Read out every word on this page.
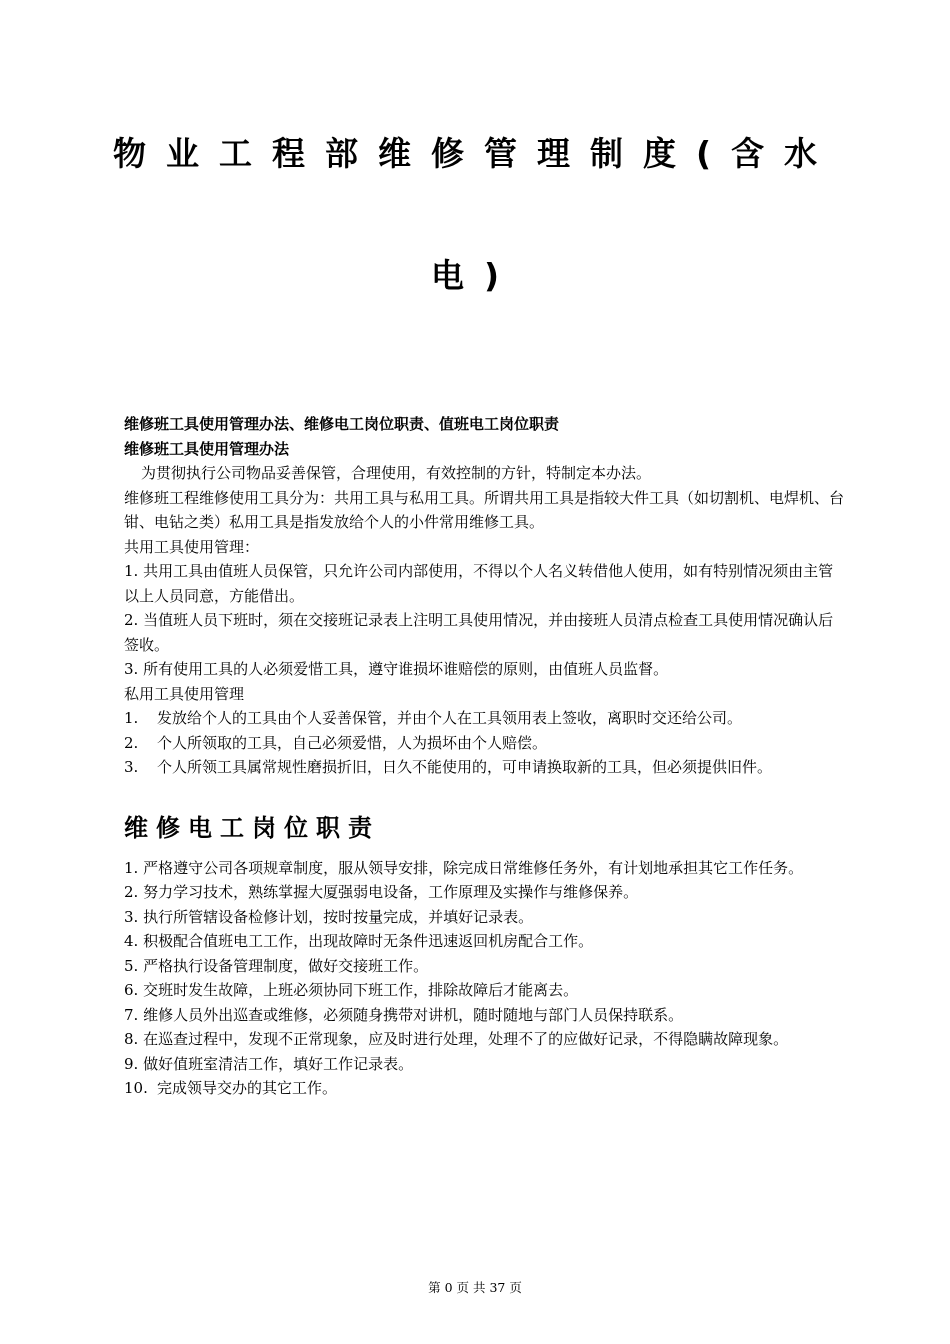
物业工程部维修管理制度(含水
电)

维修班工具使用管理办法、维修电工岗位职责、值班电工岗位职责

维修班工具使用管理办法

为贯彻执行公司物品妥善保管，合理使用，有效控制的方针，特制定本办法。

维修班工程维修使用工具分为：共用工具与私用工具。所谓共用工具是指较大件工具（如切割机、电焊机、台钳、电钻之类）私用工具是指发放给个人的小件常用维修工具。

共用工具使用管理：

1. 共用工具由值班人员保管，只允许公司内部使用，不得以个人名义转借他人使用，如有特别情况须由主管以上人员同意，方能借出。

2. 当值班人员下班时，须在交接班记录表上注明工具使用情况，并由接班人员清点检查工具使用情况确认后签收。

3. 所有使用工具的人必须爱惜工具，遵守谁损坏谁赔偿的原则，由值班人员监督。

私用工具使用管理

1.	发放给个人的工具由个人妥善保管，并由个人在工具领用表上签收，离职时交还给公司。

2.	个人所领取的工具，自己必须爱惜，人为损坏由个人赔偿。

3.	个人所领工具属常规性磨损折旧，日久不能使用的，可申请换取新的工具，但必须提供旧件。

维修电工岗位职责

1. 严格遵守公司各项规章制度，服从领导安排，除完成日常维修任务外，有计划地承担其它工作任务。

2. 努力学习技术，熟练掌握大厦强弱电设备，工作原理及实操作与维修保养。

3. 执行所管辖设备检修计划，按时按量完成，并填好记录表。

4. 积极配合值班电工工作，出现故障时无条件迅速返回机房配合工作。

5. 严格执行设备管理制度，做好交接班工作。

6. 交班时发生故障，上班必须协同下班工作，排除故障后才能离去。

7. 维修人员外出巡查或维修，必须随身携带对讲机，随时随地与部门人员保持联系。

8. 在巡查过程中，发现不正常现象，应及时进行处理，处理不了的应做好记录，不得隐瞒故障现象。

9. 做好值班室清洁工作，填好工作记录表。

10. 完成领导交办的其它工作。

第 0 页 共 37 页
